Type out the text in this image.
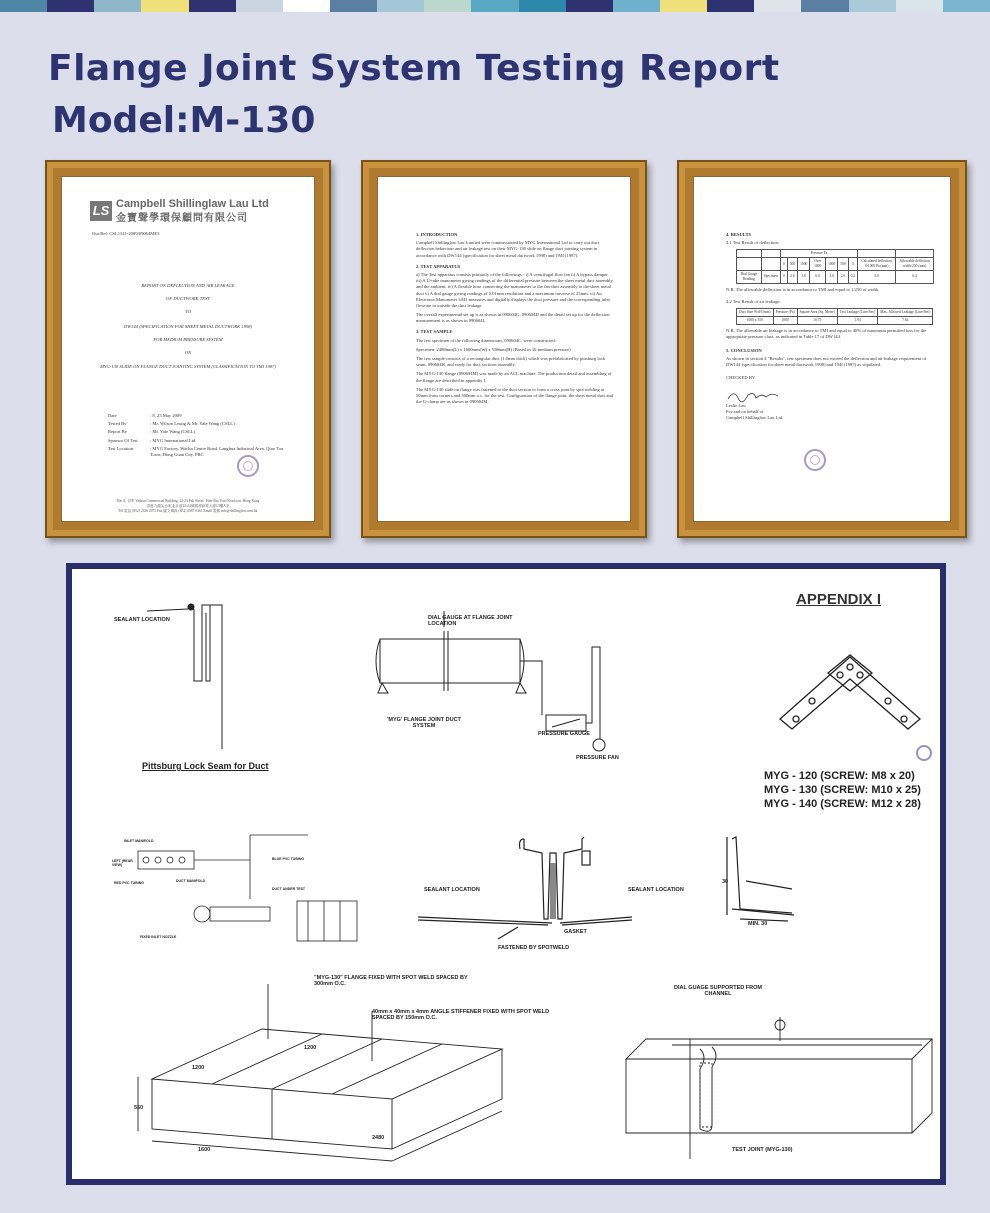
Flange Joint System Testing Report
Model:M-130
LS Campbell Shillinglaw Lau Ltd
金寶聲學環保顧問有限公司
Our Ref: CSL1311-2009/09064ME3
REPORT ON DEFLECTION AND AIR LEAKAGE
OF DUCTWORK TEST
TO
DW144 (SPECIFICATION FOR SHEET METAL DUCTWORK 1998)
FOR MEDIUM PRESSURE SYSTEM
ON
MYG-130 SLIDE ON FLANGE DUCT JOINTING SYSTEM (CLASSIFICATION TO TMI 1987)
Date	: 8, 25 May 2009
Tested By	: Mr. Wilson Leung & Mr. Yale Wang (CSLL)
Report By	: Mr. Yale Wang (CSLL)
Sponsor Of Test	: MYG International Ltd.
Test Location	: MYG Factory, Wacha Centre Road, Langhua Industrial Area, Qiao Tou Town, Dong Guan City, PRC
Flat A, 13/F, Yiukan Commercial Building, 22-24 Pak Street, Tsim Sha Tsui, Kowloon, Hong Kong
香港九龍尖沙咀北京道22-24號銀禧商業大廈13樓A室
Tel 電話 (852) 2336 2073 Fax 圖文傳真 (852) 2987 0361 Email 電郵 info@shillinglaw.com.hk
1. INTRODUCTION

Campbell Shillinglaw Lau Limited were commissioned by MYG International Ltd to carry out duct deflection behaviour and air leakage test on their MYG-130 slide on flange duct jointing system in accordance with DW144 (specification for sheet metal ductwork 1998) and TMI (1987).

2. TEST APPARATUS

a) The Test apparatus consists primarily of the followings:- i) A centrifugal flow fan ii) A bypass damper iii) A U-tube manometer giving readings of the differential pressure between the sheet metal duct assembly and the ambient. iv) A flexible hose connecting the manometer to the fan-duct assembly to the sheet metal duct v) A dial gauge giving readings of 0.01mm resolution and a maximum traverse of 25mm. vi) An Electronic Manometer LM1 measures and digitally displays the duct pressure and the corresponding inlet flowrate to outside the duct leakage.

The overall experimental set up is as shown in 090604G, 090604D and the detail set up for the deflection measurement is as shown in 090604L.

3. TEST SAMPLE

The test specimen of the following dimensions, 090604C, were constructed:

Specimen: 2480mm(L) x 1600mm(W) x 550mm(H) (Based in 16 medium pressure)

The test sample consists of a rectangular duct (1.0mm thick) which was prefabricated by pittsburg lock seam, 090604H, and ready for duct sections assembly.

The MYG-130 flange (090604M) was made by an ACL machine. The production detail and assembling of the flange are described in appendix I.

The MYG-130 slide on flange was fastened to the duct section to form a cross joint by spot welding at 50mm from corners and 300mm o.c. for the rest. Configuration of the flange joint, the sheet metal duct and the G-clamp are as shown in 090604M.

4. RESULTS

4.1 Test Result of deflection:

		Pressure Pa								
		0	500	1000	Over 1000	1000	500	0	Calculated deflection 0-1000 Pa (mm)	Allowable deflection width/250 (mm)
Dial Gauge Reading	Specimen	0	2.6	3.0	6.0	3.0	2.6	0.2	6.0	6.4

N.B. The allowable deflection is in accordance to TMI and equal to 1/250 of width.

4.2 Test Result of air leakage:

Duct Size WxH (mm)	Pressure (Pa)	Square Area (Sq. Meter)	Test Leakage (Litre/Sec)	Max. Allowed Leakage (Litre/Sec)
1600 x 550	1000	10.75	1.94	7.64

N.B. The allowable air leakage is in accordance to TMI and equal to 40% of maximum permitted loss for the appropriate pressure class, as indicated in Table 17 of DW144.

5. CONCLUSION

As shown in section 4 "Results", test specimen does not exceed the deflection and air leakage requirement of DW144 (specification for sheet metal ductwork 1998) and TMI (1987) as stipulated.

CHECKED BY

Leslie Lau
For and on behalf of
Campbell Shillinglaw Lau Ltd.
APPENDIX I
SEALANT LOCATION
Pittsburg Lock Seam for Duct
DIAL GAUGE AT FLANGE JOINT LOCATION
'MYG' FLANGE JOINT DUCT SYSTEM
PRESSURE GAUGE
PRESSURE FAN
MYG - 120 (SCREW: M8 x 20)
MYG - 130 (SCREW: M10 x 25)
MYG - 140 (SCREW: M12 x 28)
INLET MANIFOLD
LEFT (REAR VIEW)
DUCT MANIFOLD
BLUE PVC TUBING
RED PVC TUBING
DUCT UNDER TEST
FIXED INLET NOZZLE
SEALANT LOCATION	SEALANT LOCATION
GASKET
FASTENED BY SPOTWELD
30
MIN. 30
"MYG-130" FLANGE FIXED WITH SPOT WELD SPACED BY 300mm O.C.
40mm x 40mm x 4mm ANGLE STIFFENER FIXED WITH SPOT WELD SPACED BY 150mm O.C.
1200
1200
550
1600
2480
DIAL GUAGE SUPPORTED FROM CHANNEL
TEST JOINT (MYG-130)
